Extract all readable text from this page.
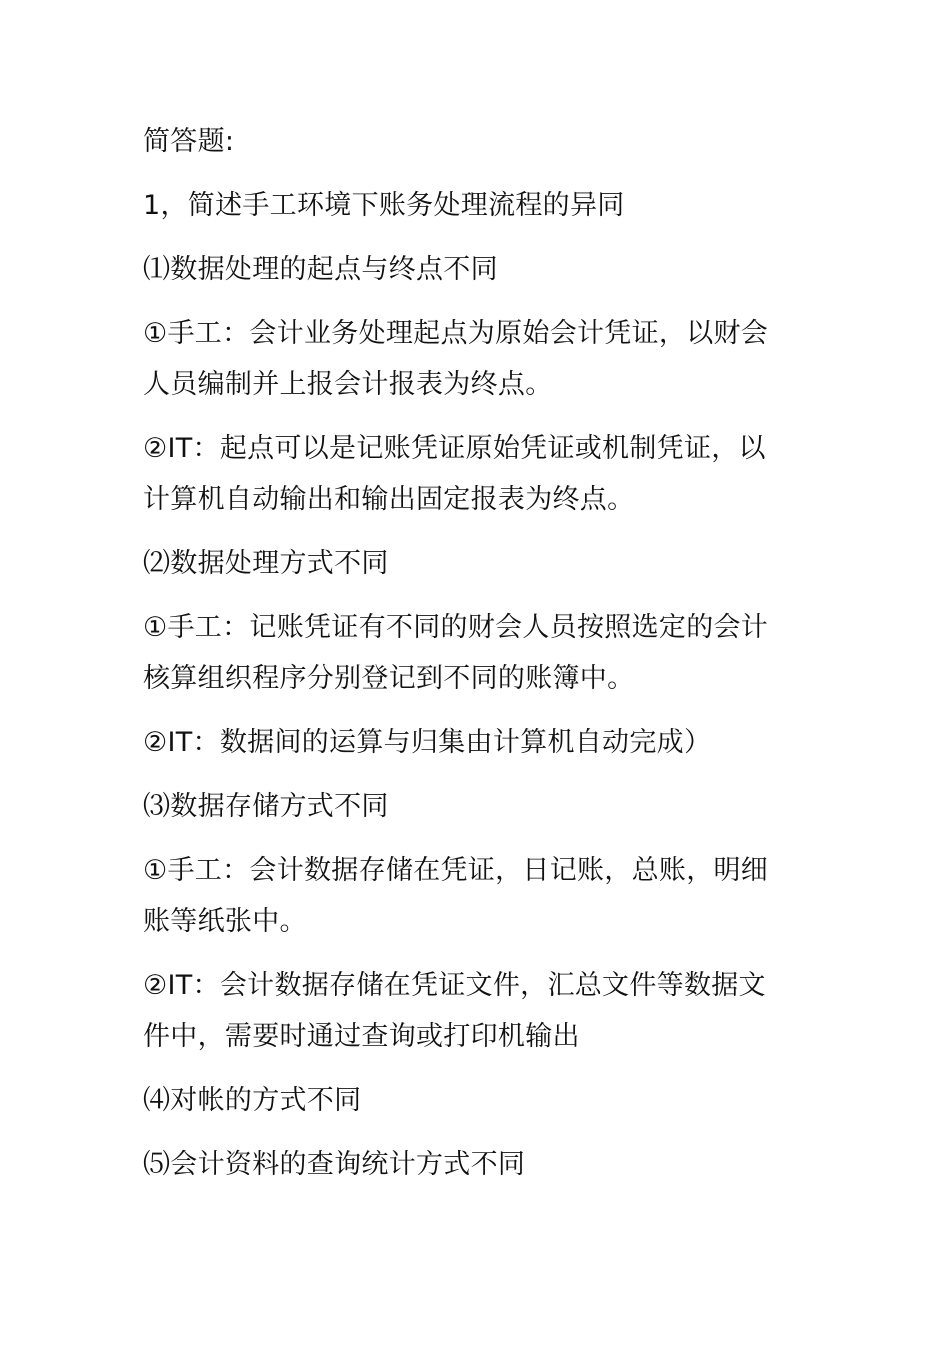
简答题:

1，简述手工环境下账务处理流程的异同

⑴数据处理的起点与终点不同

①手工：会计业务处理起点为原始会计凭证，以财会人员编制并上报会计报表为终点。

②IT：起点可以是记账凭证原始凭证或机制凭证，以计算机自动输出和输出固定报表为终点。

⑵数据处理方式不同

①手工：记账凭证有不同的财会人员按照选定的会计核算组织程序分别登记到不同的账簿中。

②IT：数据间的运算与归集由计算机自动完成）

⑶数据存储方式不同

①手工：会计数据存储在凭证，日记账，总账，明细账等纸张中。

②IT：会计数据存储在凭证文件，汇总文件等数据文件中，需要时通过查询或打印机输出

⑷对帐的方式不同

⑸会计资料的查询统计方式不同
